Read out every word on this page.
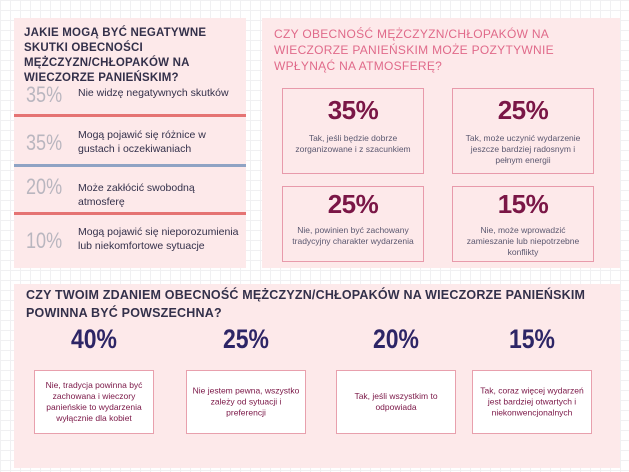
JAKIE MOGĄ BYĆ NEGATYWNE SKUTKI OBECNOŚCI MĘŻCZYZN/CHŁOPAKÓW NA WIECZORZE PANIEŃSKIM?
35% Nie widzę negatywnych skutków
35% Mogą pojawić się różnice w gustach i oczekiwaniach
20% Może zakłócić swobodną atmosferę
10% Mogą pojawić się nieporozumienia lub niekomfortowe sytuacje
CZY OBECNOŚĆ MĘŻCZYZN/CHŁOPAKÓW NA WIECZORZE PANIEŃSKIM MOŻE POZYTYWNIE WPŁYNĄĆ NA ATMOSFERĘ?
35%
Tak, jeśli będzie dobrze zorganizowane i z szacunkiem
25%
Tak, może uczynić wydarzenie jeszcze bardziej radosnym i pełnym energii
25%
Nie, powinien być zachowany tradycyjny charakter wydarzenia
15%
Nie, może wprowadzić zamieszanie lub niepotrzebne konflikty
CZY TWOIM ZDANIEM OBECNOŚĆ MĘŻCZYZN/CHŁOPAKÓW NA WIECZORZE PANIEŃSKIM POWINNA BYĆ POWSZECHNA?
40%
Nie, tradycja powinna być zachowana i wieczory panieńskie to wydarzenia wyłącznie dla kobiet
25%
Nie jestem pewna, wszystko zależy od sytuacji i preferencji
20%
Tak, jeśli wszystkim to odpowiada
15%
Tak, coraz więcej wydarzeń jest bardziej otwartych i niekonwencjonalnych
